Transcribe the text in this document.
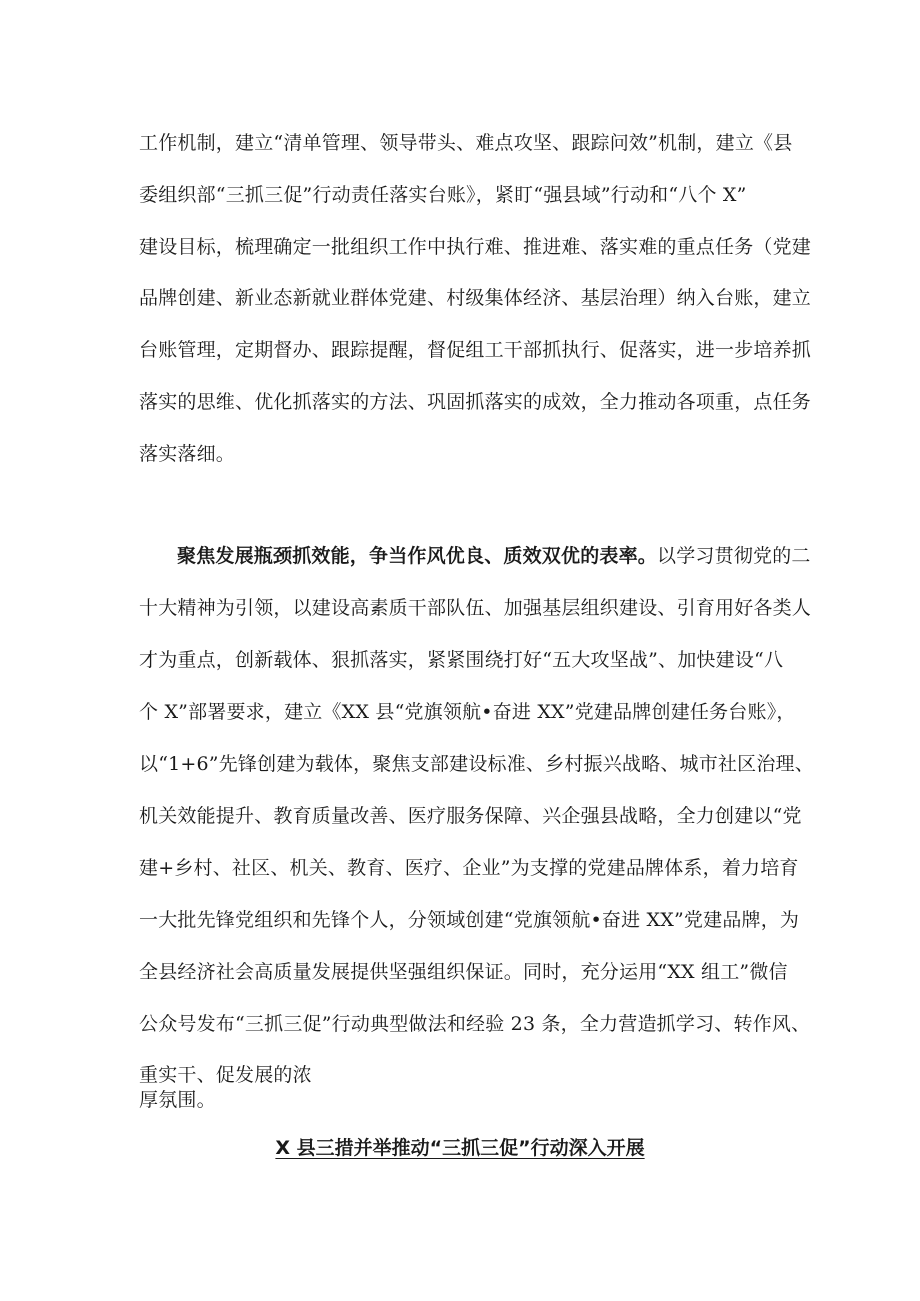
工作机制，建立“清单管理、领导带头、难点攻坚、跟踪问效”机制，建立《县
委组织部“三抓三促”行动责任落实台账》，紧盯“强县域”行动和“八个 X”
建设目标，梳理确定一批组织工作中执行难、推进难、落实难的重点任务（党建
品牌创建、新业态新就业群体党建、村级集体经济、基层治理）纳入台账，建立
台账管理，定期督办、跟踪提醒，督促组工干部抓执行、促落实，进一步培养抓
落实的思维、优化抓落实的方法、巩固抓落实的成效，全力推动各项重，点任务
落实落细。
聚焦发展瓶颈抓效能，争当作风优良、质效双优的表率。以学习贯彻党的二
十大精神为引领，以建设高素质干部队伍、加强基层组织建设、引育用好各类人
才为重点，创新载体、狠抓落实，紧紧围绕打好“五大攻坚战”、加快建设“八
个 X”部署要求，建立《XX 县“党旗领航•奋进 XX”党建品牌创建任务台账》，
以“1+6”先锋创建为载体，聚焦支部建设标准、乡村振兴战略、城市社区治理、
机关效能提升、教育质量改善、医疗服务保障、兴企强县战略，全力创建以“党
建+乡村、社区、机关、教育、医疗、企业”为支撑的党建品牌体系，着力培育
一大批先锋党组织和先锋个人，分领域创建“党旗领航•奋进 XX”党建品牌，为
全县经济社会高质量发展提供坚强组织保证。同时，充分运用“XX 组工”微信
公众号发布“三抓三促”行动典型做法和经验 23 条，全力营造抓学习、转作风、
重实干、促发展的浓
厚氛围。
X 县三措并举推动“三抓三促”行动深入开展
